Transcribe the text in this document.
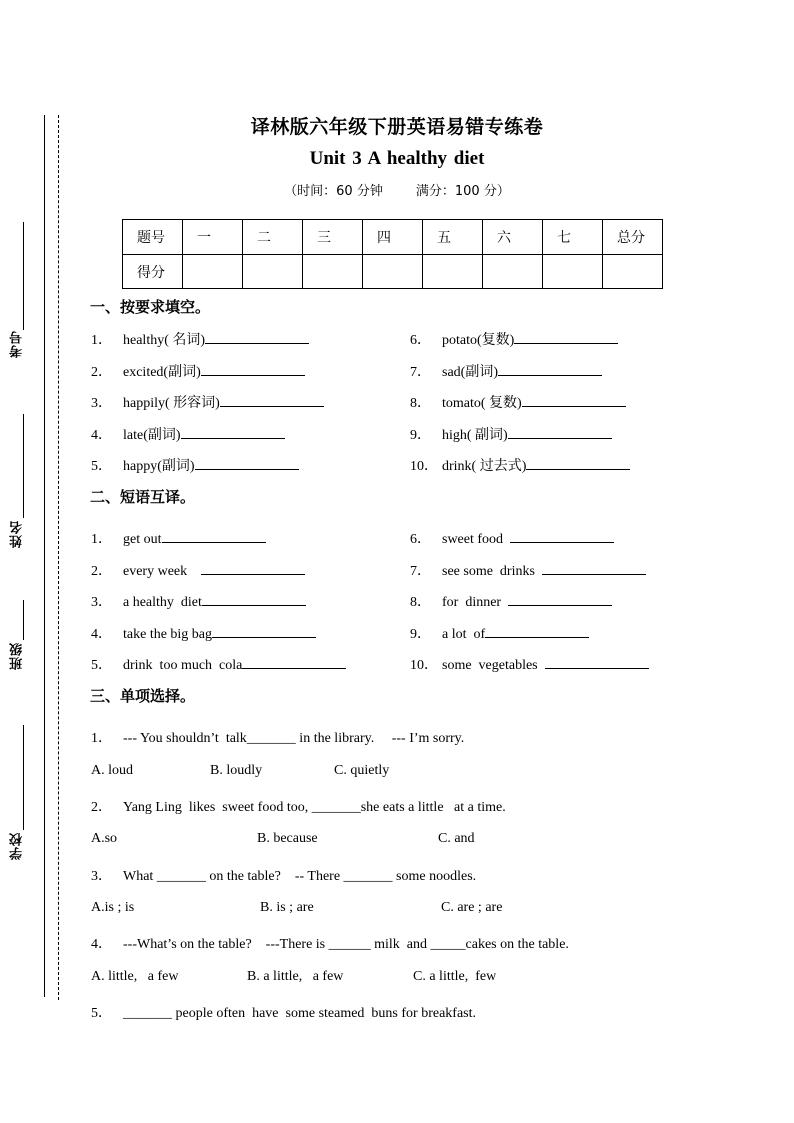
考号
姓名
班级
学校
译林版六年级下册英语易错专练卷
Unit 3 A healthy diet
（时间：60 分钟        满分：100 分）
题号	一	二	三	四	五	六	七	总分
得分								
一、按要求填空。
1． healthy( 名词)
2． excited(副词)
3． happily( 形容词)
4． late(副词)
5． happy(副词)
6． potato(复数)
7． sad(副词)
8． tomato( 复数)
9． high( 副词)
10． drink( 过去式)
二、短语互译。
1． get out
2． every week
3． a healthy  diet
4． take the big bag
5． drink  too much  cola
6． sweet food
7． see some  drinks
8． for  dinner
9． a lot  of
10． some  vegetables
三、单项选择。
1． --- You shouldn’t  talk_______ in the library.     --- I’m sorry.
A. loud	B. loudly	C. quietly
2． Yang Ling  likes  sweet food too, _______she eats a little   at a time.
A.so	B. because	C. and
3． What _______ on the table?    -- There _______ some noodles.
A.is ; is	B. is ; are	C. are ; are
4． ---What’s on the table?    ---There is ______ milk  and _____cakes on the table.
A. little,   a few	B. a little,   a few	C. a little,  few
5． _______ people often  have  some steamed  buns for breakfast.
